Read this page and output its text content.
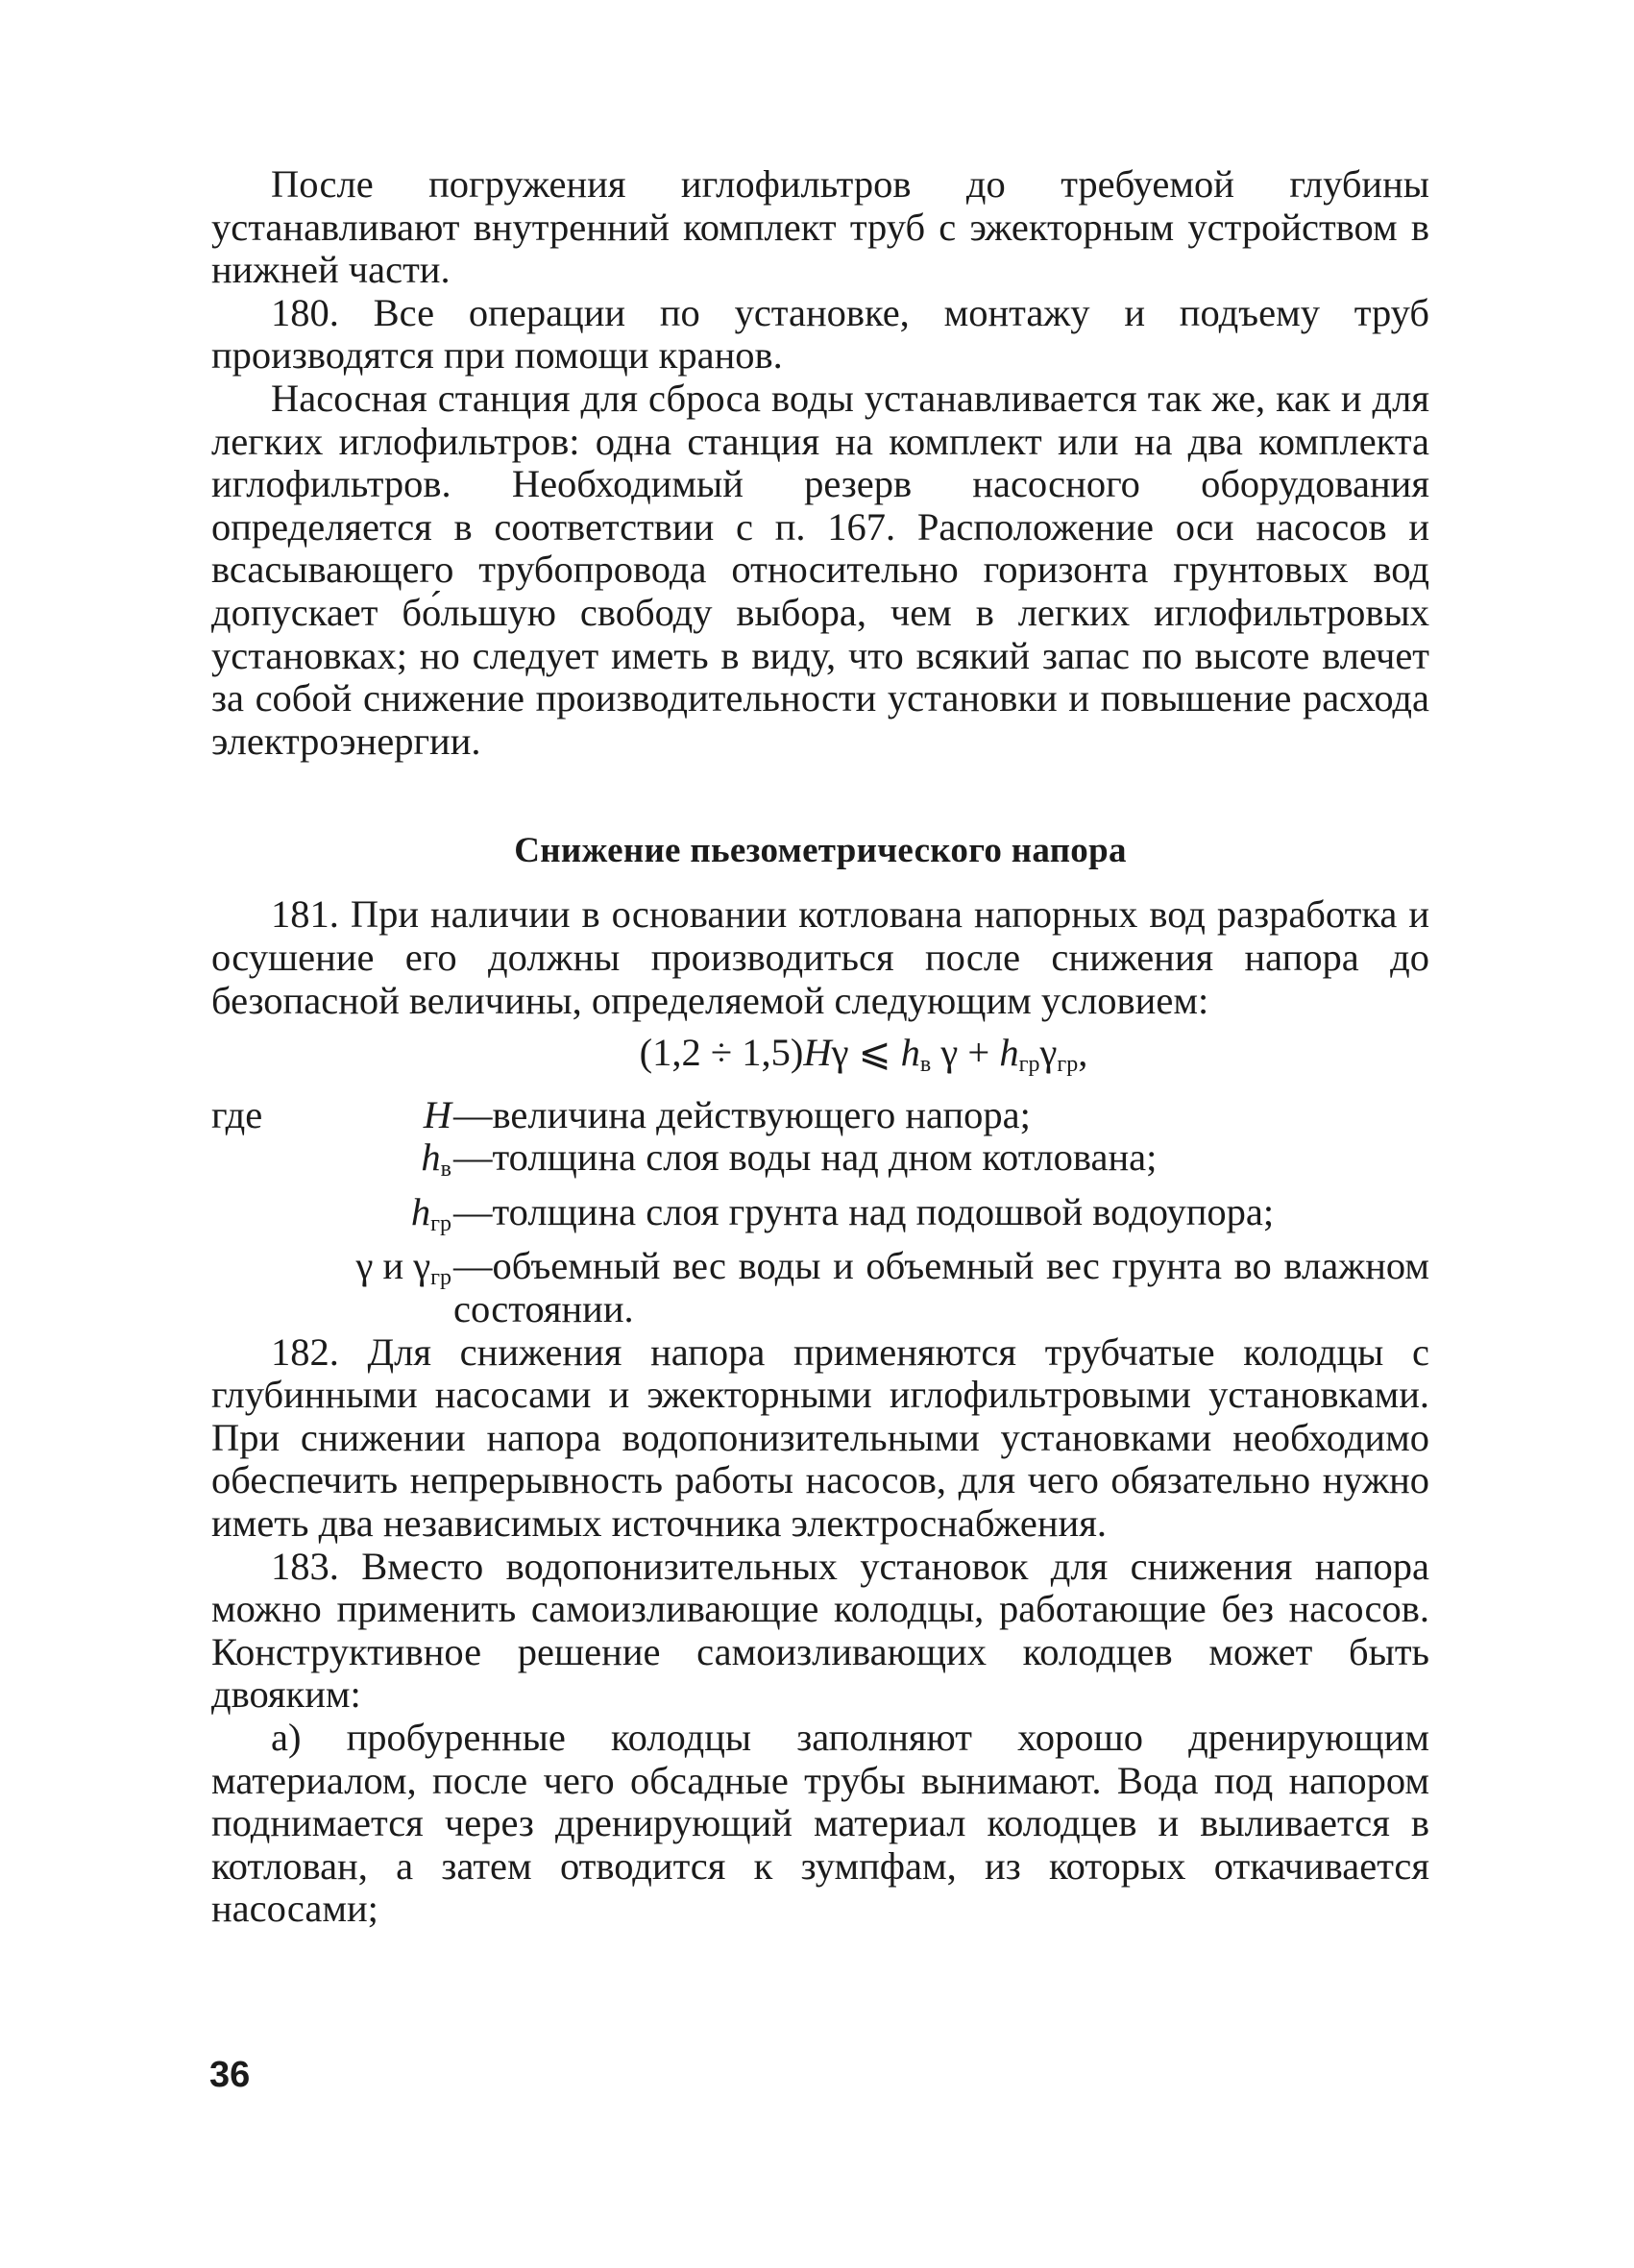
После погружения иглофильтров до требуемой глубины устанавливают внутренний комплект труб с эжекторным устройством в нижней части.

180. Все операции по установке, монтажу и подъему труб производятся при помощи кранов.

Насосная станция для сброса воды устанавливается так же, как и для легких иглофильтров: одна станция на комплект или на два комплекта иглофильтров. Необходимый резерв насосного оборудования определяется в соответствии с п. 167. Расположение оси насосов и всасывающего трубопровода относительно горизонта грунтовых вод допускает бо́льшую свободу выбора, чем в легких иглофильтровых установках; но следует иметь в виду, что всякий запас по высоте влечет за собой снижение производительности установки и повышение расхода электроэнергии.

Снижение пьезометрического напора

181. При наличии в основании котлована напорных вод разработка и осушение его должны производиться после снижения напора до безопасной величины, определяемой следующим условием:

(1,2 ÷ 1,5)Hγ ⩽ $h_в$ $\gamma + h_{гр}\gamma_{гр}$,
где	H —величина действующего напора;
$h_в$ —толщина слоя воды над дном котлована;
$h_{гр}$ —толщина слоя грунта над подошвой водоупора;
γ и $\gamma_{гр}$ —объемный вес воды и объемный вес грунта во влажном состоянии.

182. Для снижения напора применяются трубчатые колодцы с глубинными насосами и эжекторными иглофильтровыми установками. При снижении напора водопонизительными установками необходимо обеспечить непрерывность работы насосов, для чего обязательно нужно иметь два независимых источника электроснабжения.

183. Вместо водопонизительных установок для снижения напора можно применить самоизливающие колодцы, работающие без насосов. Конструктивное решение самоизливающих колодцев может быть двояким:

а) пробуренные колодцы заполняют хорошо дренирующим материалом, после чего обсадные трубы вынимают. Вода под напором поднимается через дренирующий материал колодцев и выливается в котлован, а затем отводится к зумпфам, из которых откачивается насосами;

36
